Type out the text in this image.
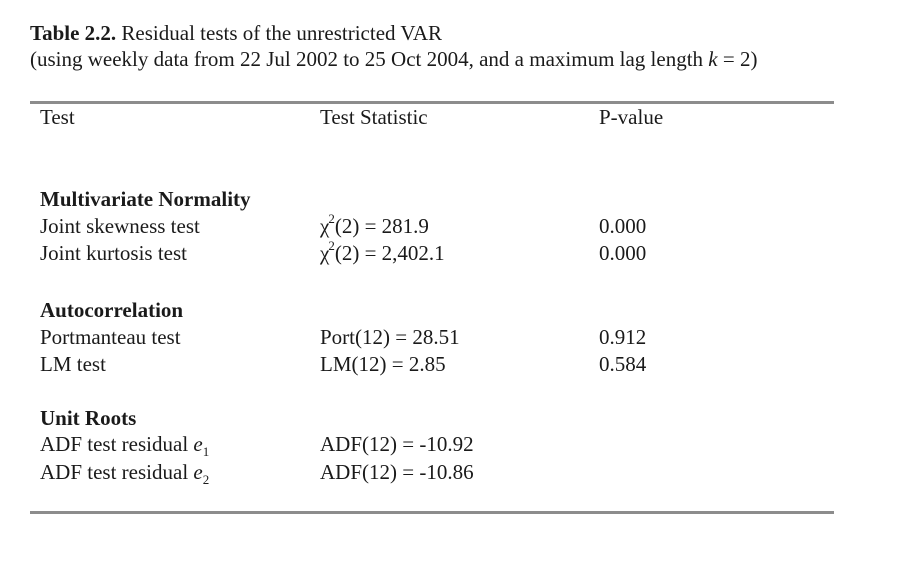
Table 2.2. Residual tests of the unrestricted VAR
(using weekly data from 22 Jul 2002 to 25 Oct 2004, and a maximum lag length k = 2)
Test	Test Statistic	P-value
Multivariate Normality
Joint skewness test	$\chi^2(2) = 281.9$	0.000
Joint kurtosis test	$\chi^2(2) = 2,402.1$	0.000
Autocorrelation
Portmanteau test	Port(12) = 28.51	0.912
LM test	LM(12) = 2.85	0.584
Unit Roots
ADF test residual $e_1$	ADF(12) = -10.92
ADF test residual $e_2$	ADF(12) = -10.86
